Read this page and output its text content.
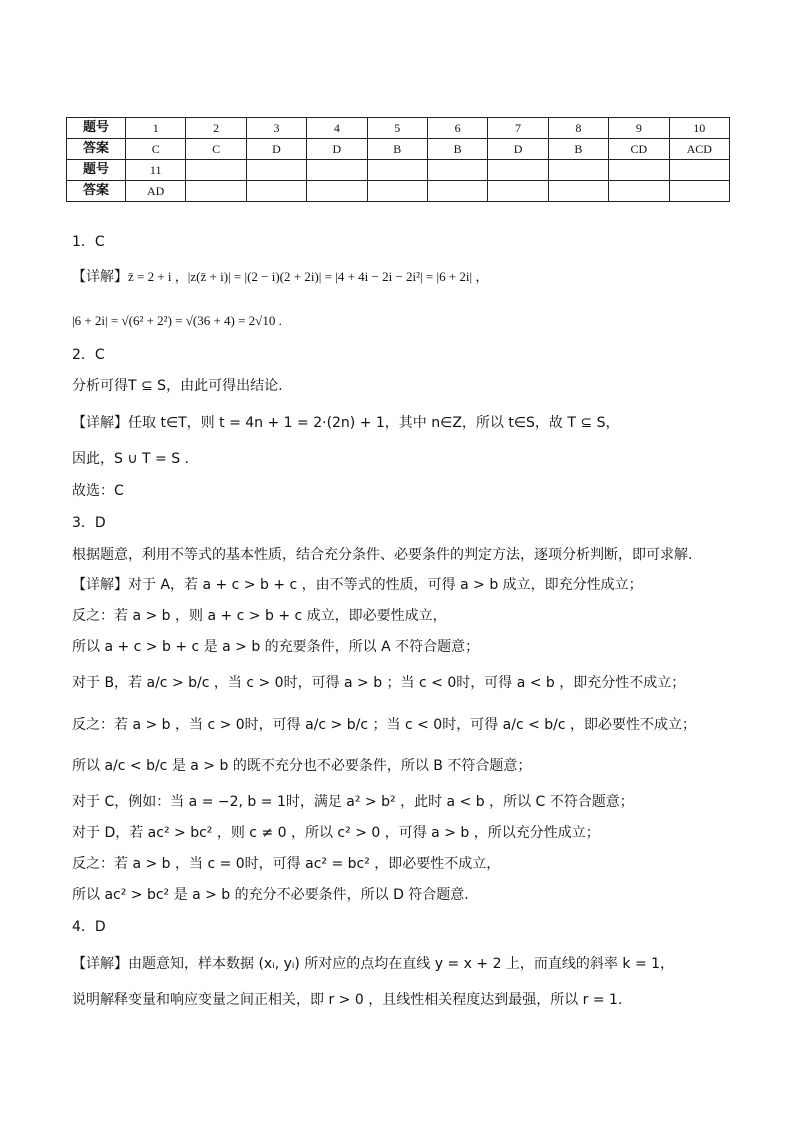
题号	1	2	3	4	5	6	7	8	9	10
答案	C	C	D	D	B	B	D	B	CD	ACD
题号	11									
答案	AD									
1．C
【详解】z̄ = 2 + i ，|z(z̄ + i)| = |(2 − i)(2 + 2i)| = |4 + 4i − 2i − 2i²| = |6 + 2i| ，
|6 + 2i| = √(6² + 2²) = √(36 + 4) = 2√10 .
2．C
分析可得T ⊆ S，由此可得出结论.
【详解】任取 t∈T，则 t = 4n + 1 = 2·(2n) + 1，其中 n∈Z，所以 t∈S，故 T ⊆ S，
因此，S ∪ T = S .
故选：C
3．D
根据题意，利用不等式的基本性质，结合充分条件、必要条件的判定方法，逐项分析判断，即可求解.
【详解】对于 A，若 a + c > b + c ，由不等式的性质，可得 a > b 成立，即充分性成立；
反之：若 a > b ，则 a + c > b + c 成立，即必要性成立，
所以 a + c > b + c 是 a > b 的充要条件，所以 A 不符合题意；
对于 B，若 a/c > b/c ，当 c > 0时，可得 a > b ；当 c < 0时，可得 a < b ，即充分性不成立；
反之：若 a > b ，当 c > 0时，可得 a/c > b/c ；当 c < 0时，可得 a/c < b/c ，即必要性不成立；
所以 a/c < b/c 是 a > b 的既不充分也不必要条件，所以 B 不符合题意；
对于 C，例如：当 a = −2, b = 1时，满足 a² > b² ，此时 a < b ，所以 C 不符合题意；
对于 D，若 ac² > bc² ，则 c ≠ 0 ，所以 c² > 0 ，可得 a > b ，所以充分性成立；
反之：若 a > b ，当 c = 0时，可得 ac² = bc² ，即必要性不成立，
所以 ac² > bc² 是 a > b 的充分不必要条件，所以 D 符合题意.
4．D
【详解】由题意知，样本数据 (xᵢ, yᵢ) 所对应的点均在直线 y = x + 2 上，而直线的斜率 k = 1，
说明解释变量和响应变量之间正相关，即 r > 0 ，且线性相关程度达到最强，所以 r = 1.
